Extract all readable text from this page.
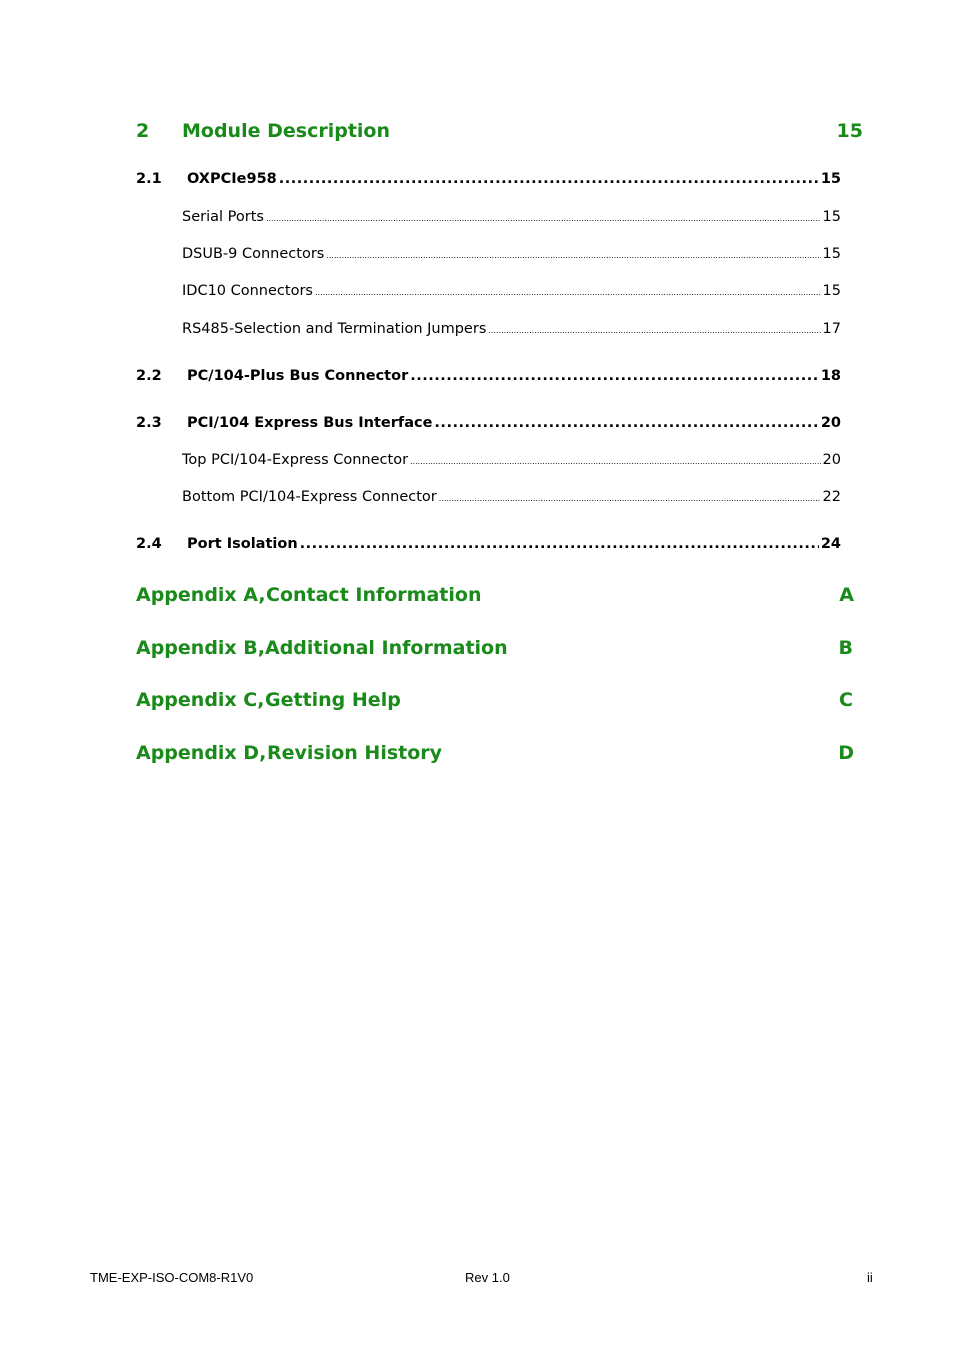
2 Module Description	15
2.1	OXPCIe958 .....	15
Serial Ports .....	15
DSUB-9 Connectors .....	15
IDC10 Connectors .....	15
RS485-Selection and Termination Jumpers .....	17
2.2	PC/104-Plus Bus Connector .....	18
2.3	PCI/104 Express Bus Interface .....	20
Top PCI/104-Express Connector .....	20
Bottom PCI/104-Express Connector .....	22
2.4	Port Isolation .....	24
Appendix A, Contact Information	A
Appendix B, Additional Information	B
Appendix C, Getting Help	C
Appendix D, Revision History	D
TME-EXP-ISO-COM8-R1V0	Rev 1.0	ii
